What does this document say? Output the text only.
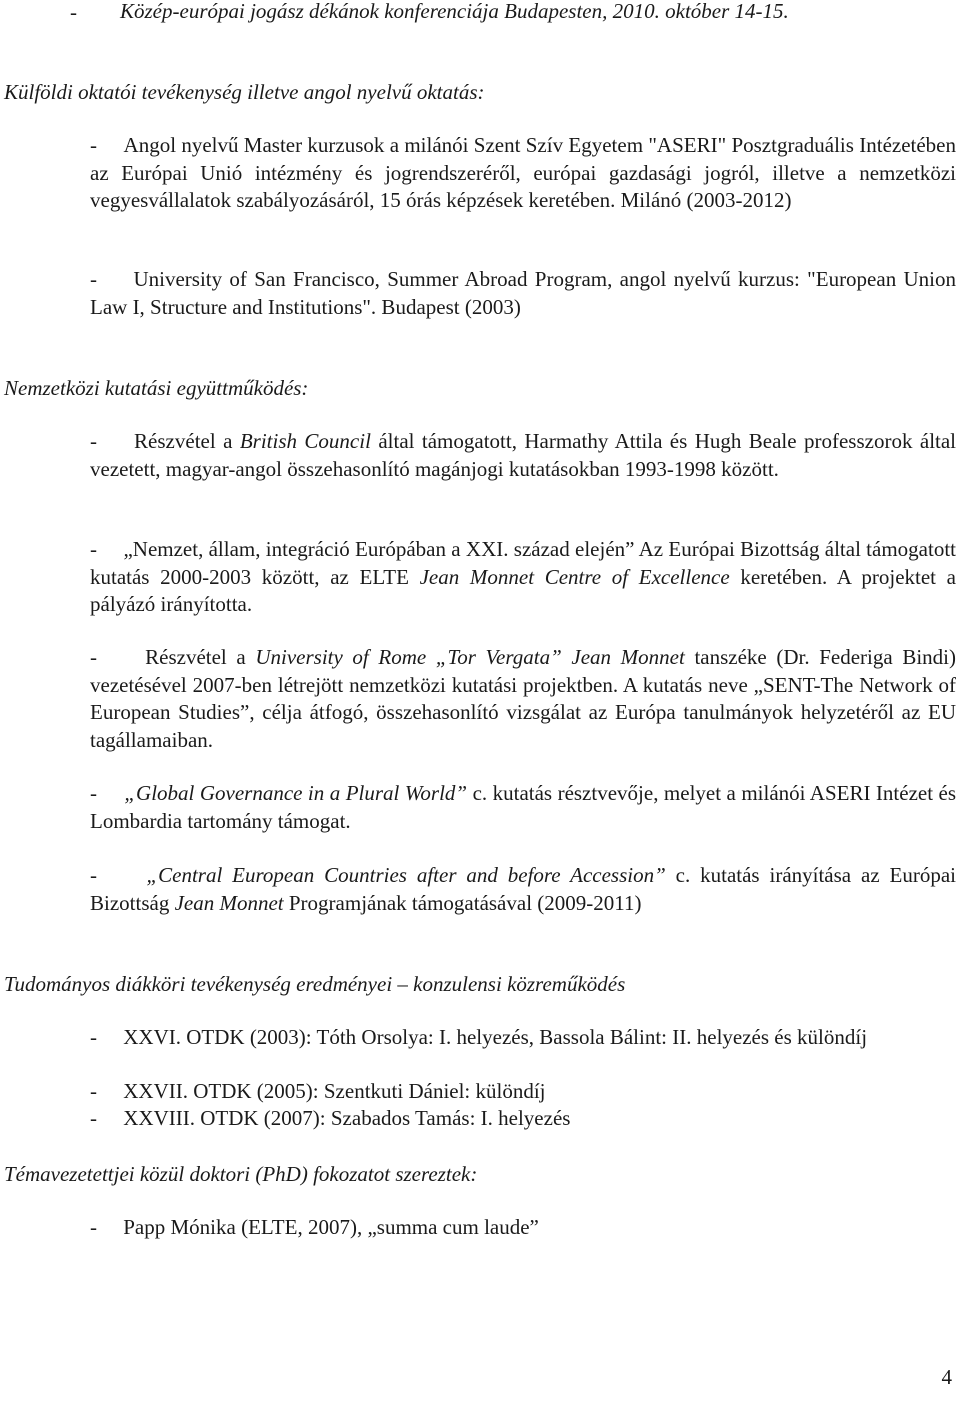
- Közép-európai jogász dékánok konferenciája Budapesten, 2010. október 14-15.
Külföldi oktatói tevékenység illetve angol nyelvű oktatás:
- Angol nyelvű Master kurzusok a milánói Szent Szív Egyetem "ASERI" Posztgraduális Intézetében az Európai Unió intézmény és jogrendszeréről, európai gazdasági jogról, illetve a nemzetközi vegyesvállalatok szabályozásáról, 15 órás képzések keretében. Milánó (2003-2012)
- University of San Francisco, Summer Abroad Program, angol nyelvű kurzus: "European Union Law I, Structure and Institutions". Budapest (2003)
Nemzetközi kutatási együttműködés:
- Részvétel a British Council által támogatott, Harmathy Attila és Hugh Beale professzorok által vezetett, magyar-angol összehasonlító magánjogi kutatásokban 1993-1998 között.
- „Nemzet, állam, integráció Európában a XXI. század elején” Az Európai Bizottság által támogatott kutatás 2000-2003 között, az ELTE Jean Monnet Centre of Excellence keretében. A projektet a pályázó irányította.
- Részvétel a University of Rome „Tor Vergata” Jean Monnet tanszéke (Dr. Federiga Bindi) vezetésével 2007-ben létrejött nemzetközi kutatási projektben. A kutatás neve „SENT-The Network of European Studies”, célja átfogó, összehasonlító vizsgálat az Európa tanulmányok helyzetéről az EU tagállamaiban.
- „Global Governance in a Plural World” c. kutatás résztvevője, melyet a milánói ASERI Intézet és Lombardia tartomány támogat.
- „Central European Countries after and before Accession” c. kutatás irányítása az Európai Bizottság Jean Monnet Programjának támogatásával (2009-2011)
Tudományos diákköri tevékenység eredményei – konzulensi közreműködés
- XXVI. OTDK (2003): Tóth Orsolya: I. helyezés, Bassola Bálint: II. helyezés és különdíj
- XXVII. OTDK (2005): Szentkuti Dániel: különdíj
- XXVIII. OTDK (2007): Szabados Tamás: I. helyezés
Témavezetettjei közül doktori (PhD) fokozatot szereztek:
- Papp Mónika (ELTE, 2007), „summa cum laude”
4
